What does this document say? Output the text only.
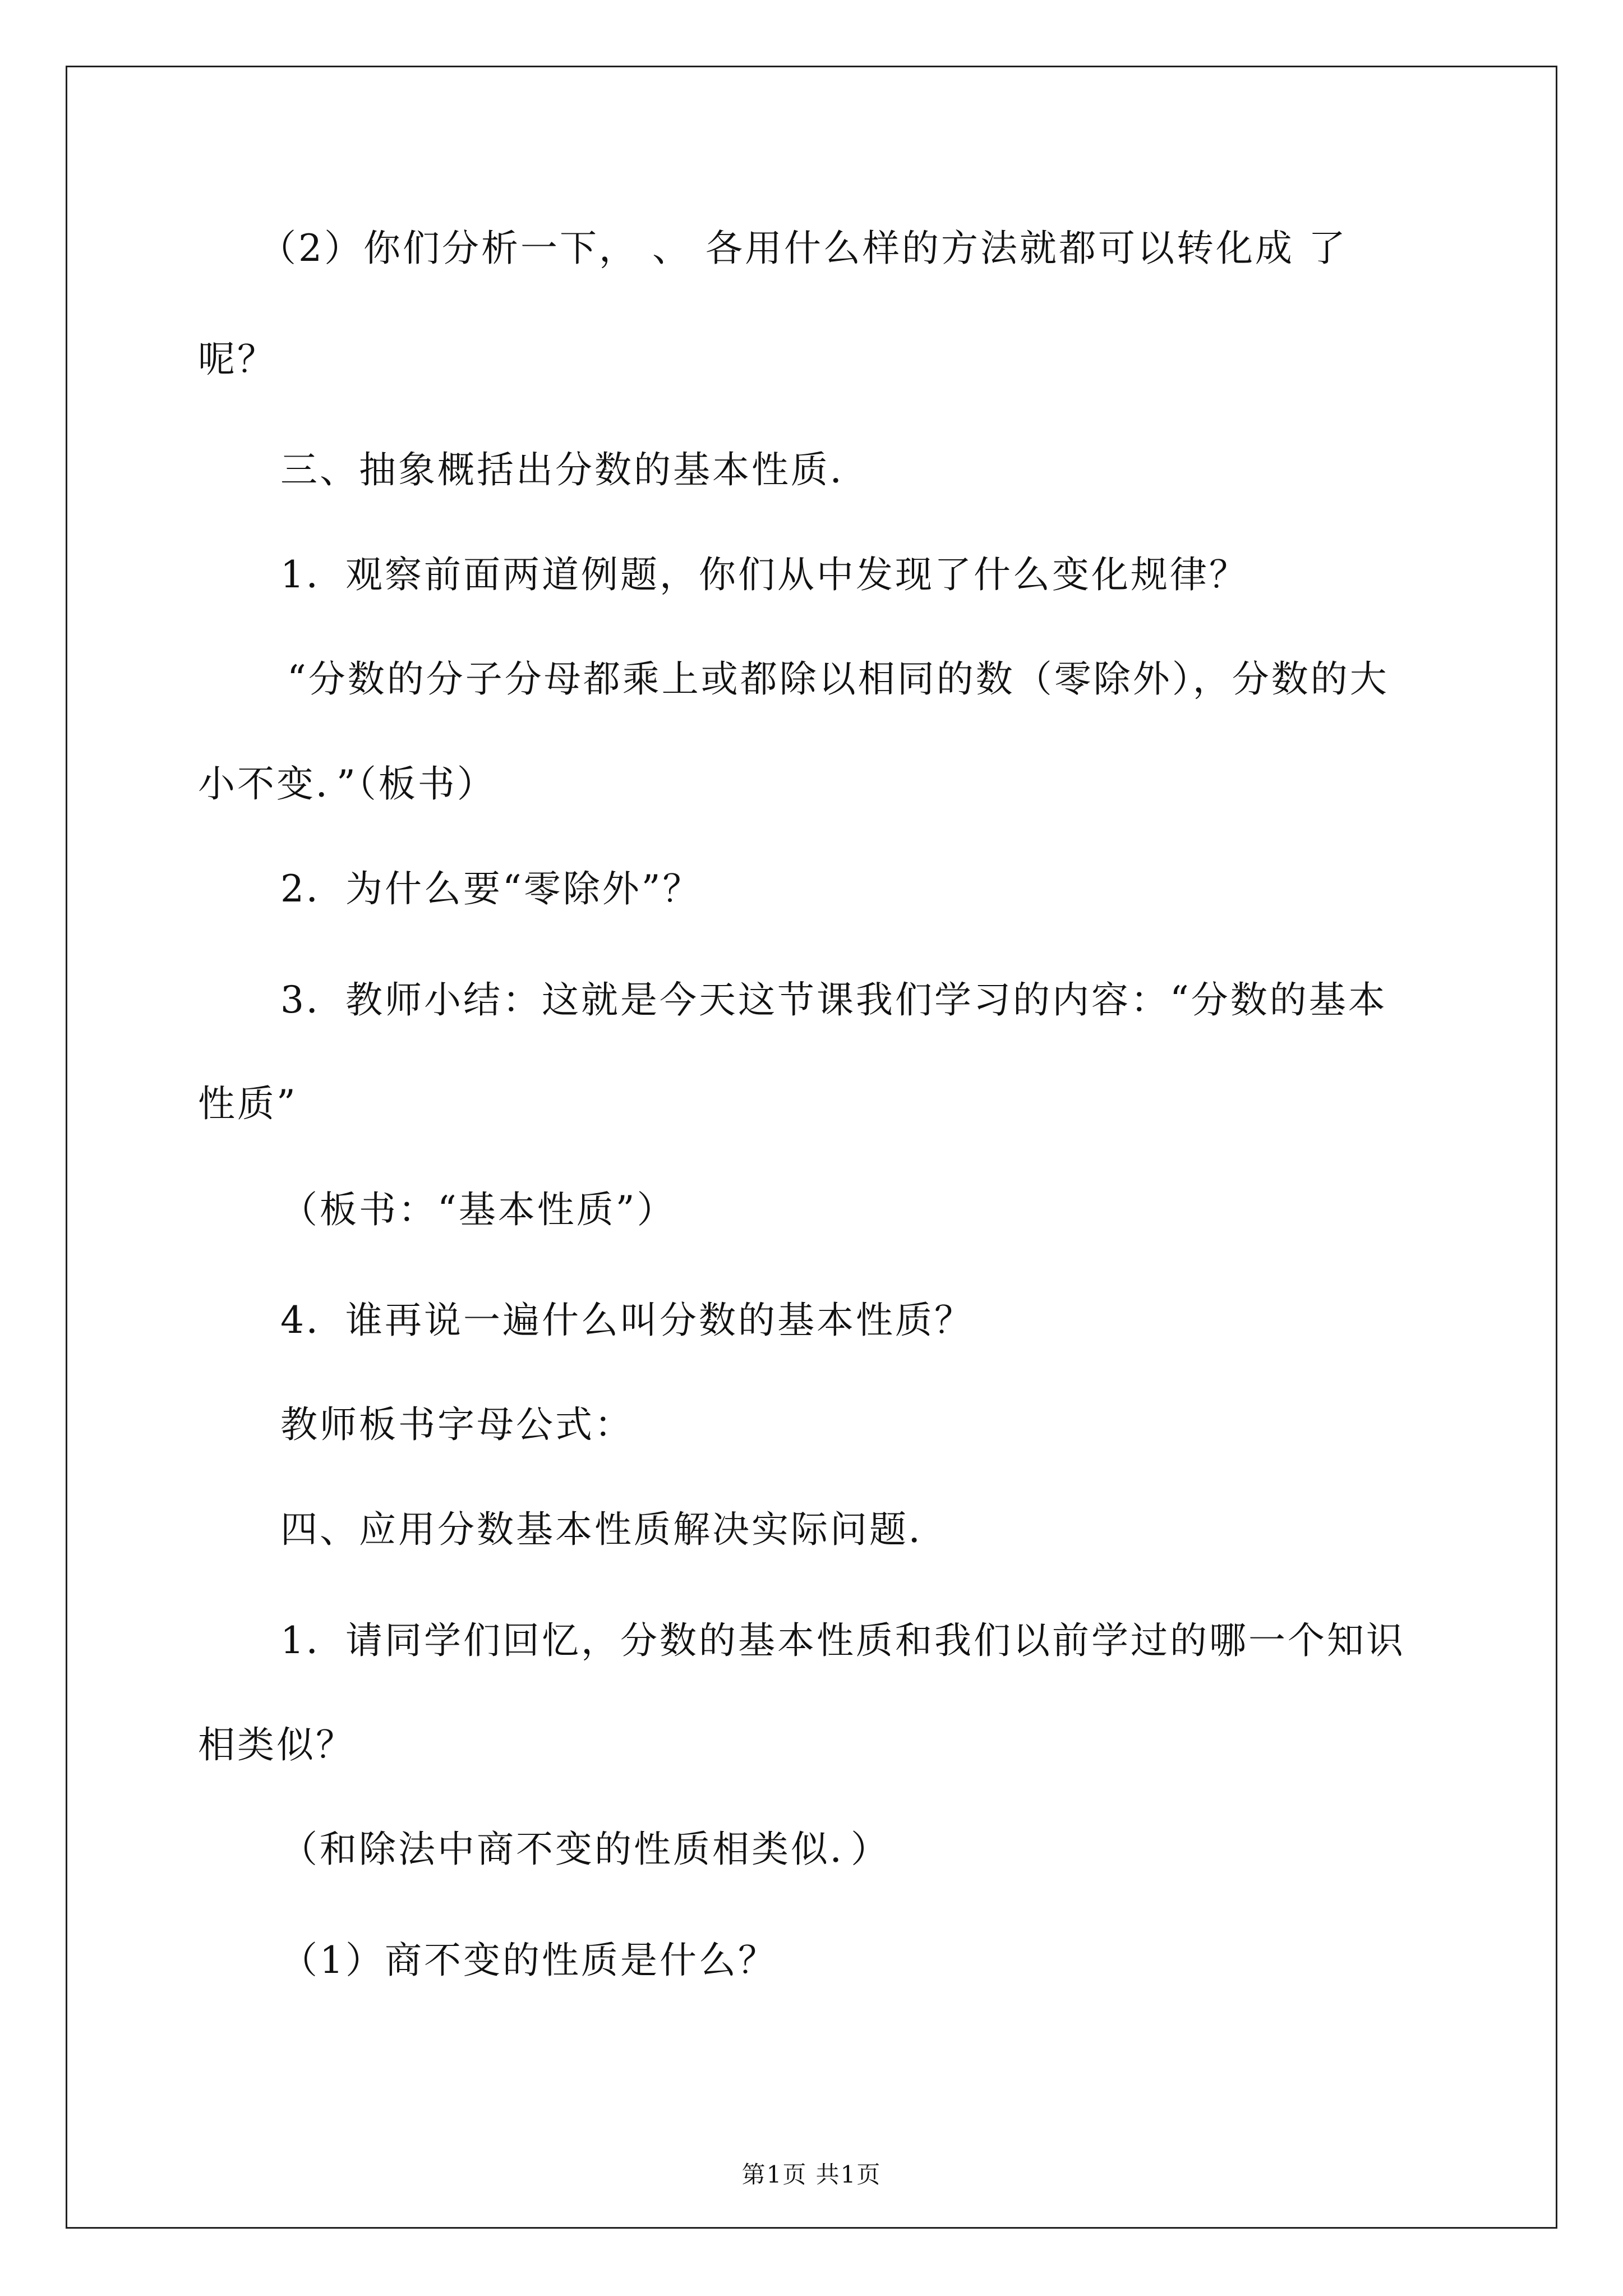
（2）你们分析一下， 、 各用什么样的方法就都可以转化成 了
呢？
三、抽象概括出分数的基本性质．
1．观察前面两道例题，你们从中发现了什么变化规律？
“分数的分子分母都乘上或都除以相同的数（零除外），分数的大
小不变．”（板书）
2．为什么要“零除外”？
3．教师小结：这就是今天这节课我们学习的内容：“分数的基本
性质”
（板书：“基本性质”）
4．谁再说一遍什么叫分数的基本性质？
教师板书字母公式：
四、应用分数基本性质解决实际问题．
1．请同学们回忆，分数的基本性质和我们以前学过的哪一个知识
相类似？
（和除法中商不变的性质相类似．）
（1）商不变的性质是什么？
第1页 共1页
